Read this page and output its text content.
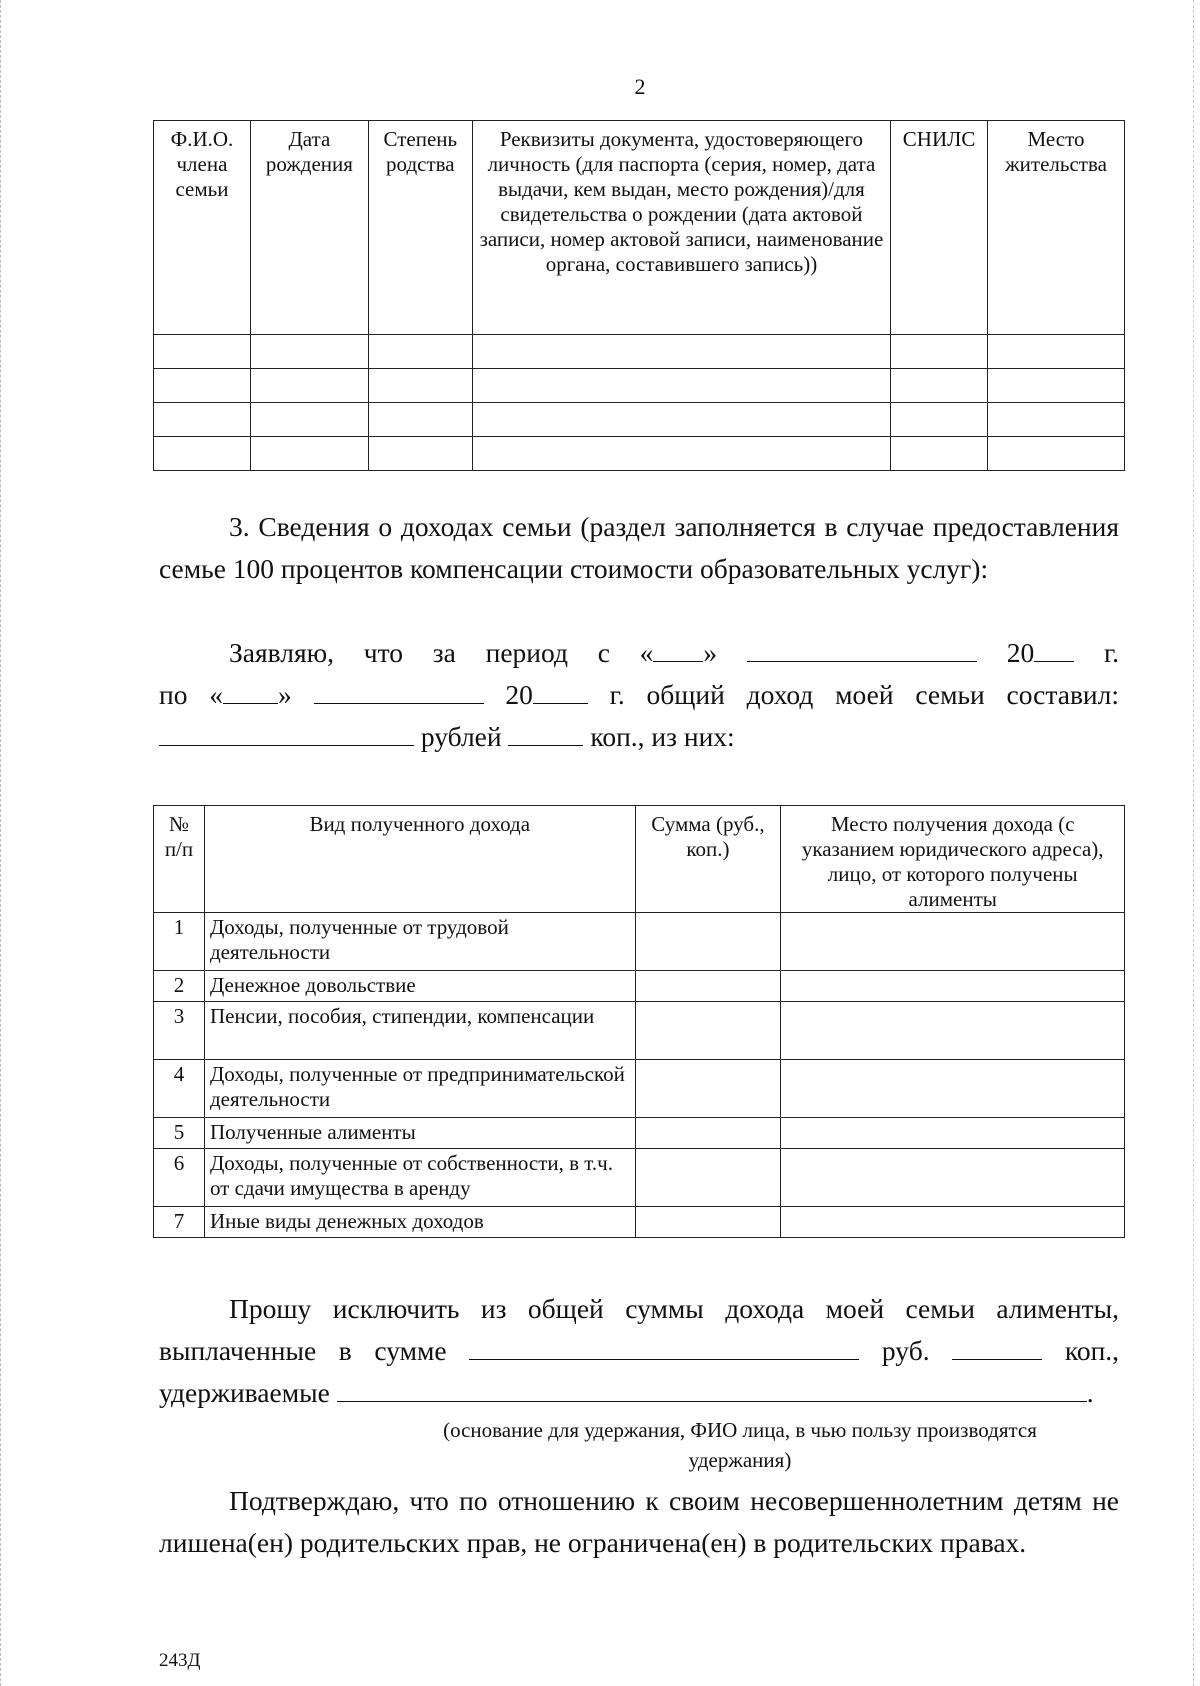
2
Ф.И.О. члена семьи	Дата рождения	Степень родства	Реквизиты документа, удостоверяющего личность (для паспорта (серия, номер, дата выдачи, кем выдан, место рождения)/для свидетельства о рождении (дата актовой записи, номер актовой записи, наименование органа, составившего запись))	СНИЛС	Место жительства

3. Сведения о доходах семьи (раздел заполняется в случае предоставления семье 100 процентов компенсации стоимости образовательных услуг):
Заявляю, что за период с « »	20	г.
по « »	20	г. общий доход моей семьи составил:
рублей	коп., из них:
№ п/п	Вид полученного дохода	Сумма (руб., коп.)	Место получения дохода (с указанием юридического адреса), лицо, от которого получены алименты
1	Доходы, полученные от трудовой деятельности		
2	Денежное довольствие		
3	Пенсии, пособия, стипендии, компенсации		
4	Доходы, полученные от предпринимательской деятельности		
5	Полученные алименты		
6	Доходы, полученные от собственности, в т.ч. от сдачи имущества в аренду		
7	Иные виды денежных доходов		
Прошу исключить из общей суммы дохода моей семьи алименты,
выплаченные в сумме	руб.	коп.,
удерживаемые	.
(основание для удержания, ФИО лица, в чью пользу производятся удержания)
Подтверждаю, что по отношению к своим несовершеннолетним детям не лишена(ен) родительских прав, не ограничена(ен) в родительских правах.
243Д
